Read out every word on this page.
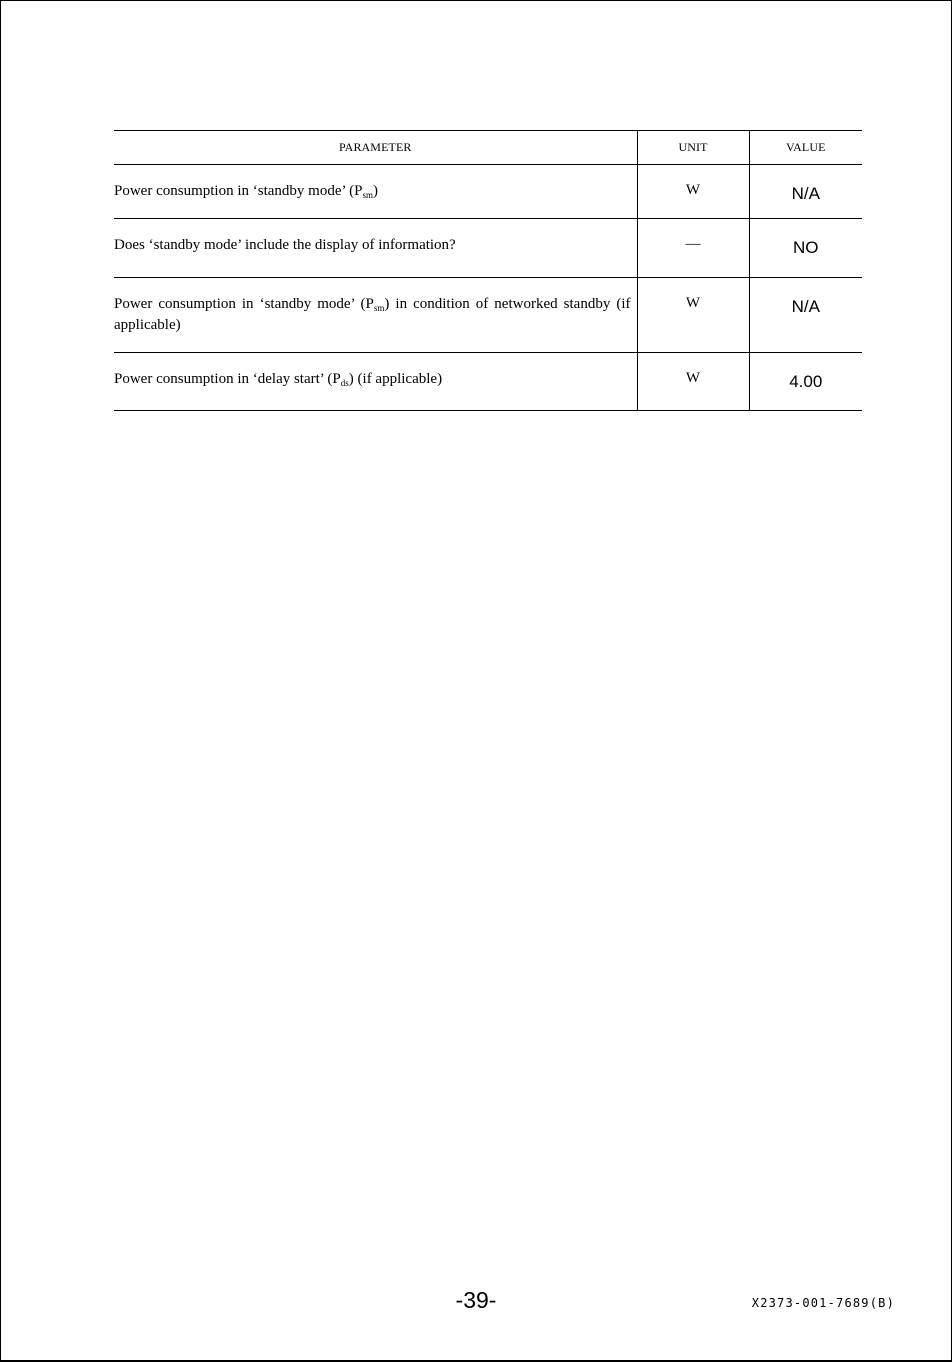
PARAMETER	UNIT	VALUE
Power consumption in ‘standby mode’ $(P_{sm})$	W	N/A
Does ‘standby mode’ include the display of information?	—	NO
Power consumption in ‘standby mode’ $(P_{sm})$ in condition of networked standby (if applicable)	W	N/A
Power consumption in ‘delay start’ $(P_{ds})$ (if applicable)	W	4.00
-39-	X2373-001-7689(B)
